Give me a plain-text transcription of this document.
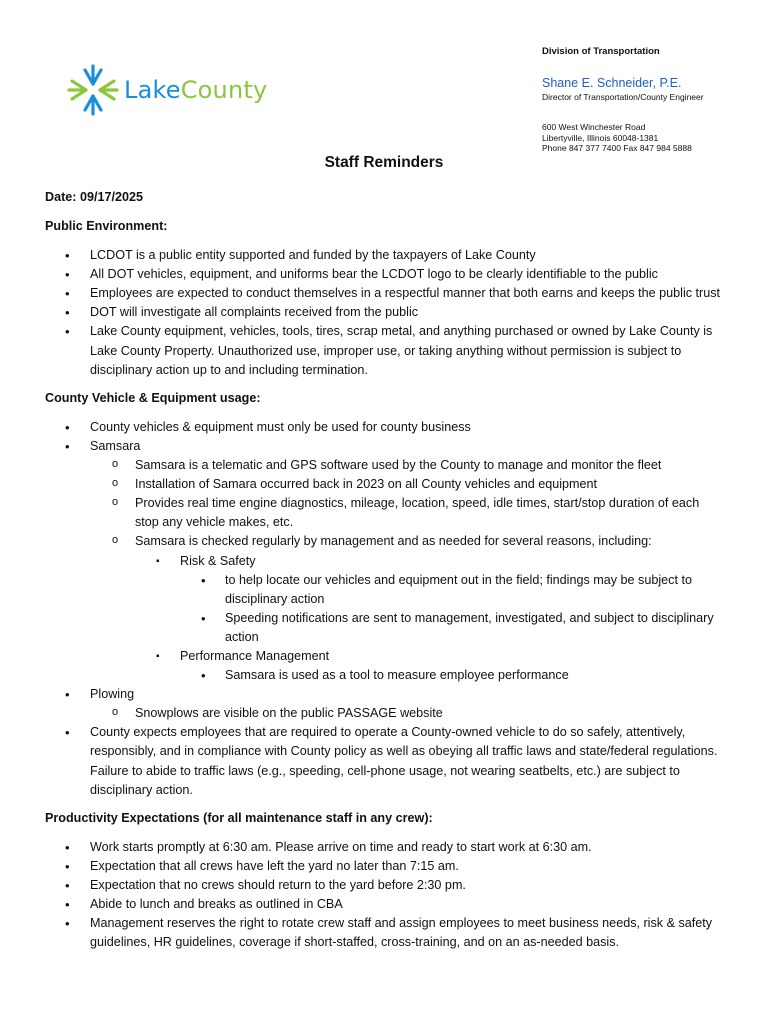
LakeCounty
Division of Transportation
Shane E. Schneider, P.E.
Director of Transportation/County Engineer
600 West Winchester Road
Libertyville, Illinois 60048-1381
Phone 847 377 7400 Fax 847 984 5888
Staff Reminders

Date: 09/17/2025

Public Environment:

• LCDOT is a public entity supported and funded by the taxpayers of Lake County
• All DOT vehicles, equipment, and uniforms bear the LCDOT logo to be clearly identifiable to the public
• Employees are expected to conduct themselves in a respectful manner that both earns and keeps the public trust
• DOT will investigate all complaints received from the public
• Lake County equipment, vehicles, tools, tires, scrap metal, and anything purchased or owned by Lake County is Lake County Property. Unauthorized use, improper use, or taking anything without permission is subject to disciplinary action up to and including termination.

County Vehicle & Equipment usage:

• County vehicles & equipment must only be used for county business
• Samsara
o Samsara is a telematic and GPS software used by the County to manage and monitor the fleet
o Installation of Samara occurred back in 2023 on all County vehicles and equipment
o Provides real time engine diagnostics, mileage, location, speed, idle times, start/stop duration of each stop any vehicle makes, etc.
o Samsara is checked regularly by management and as needed for several reasons, including:
▪ Risk & Safety
• to help locate our vehicles and equipment out in the field; findings may be subject to disciplinary action
• Speeding notifications are sent to management, investigated, and subject to disciplinary action
▪ Performance Management
• Samsara is used as a tool to measure employee performance
• Plowing
o Snowplows are visible on the public PASSAGE website
• County expects employees that are required to operate a County-owned vehicle to do so safely, attentively, responsibly, and in compliance with County policy as well as obeying all traffic laws and state/federal regulations. Failure to abide to traffic laws (e.g., speeding, cell-phone usage, not wearing seatbelts, etc.) are subject to disciplinary action.

Productivity Expectations (for all maintenance staff in any crew):

• Work starts promptly at 6:30 am. Please arrive on time and ready to start work at 6:30 am.
• Expectation that all crews have left the yard no later than 7:15 am.
• Expectation that no crews should return to the yard before 2:30 pm.
• Abide to lunch and breaks as outlined in CBA
• Management reserves the right to rotate crew staff and assign employees to meet business needs, risk & safety guidelines, HR guidelines, coverage if short-staffed, cross-training, and on an as-needed basis.
